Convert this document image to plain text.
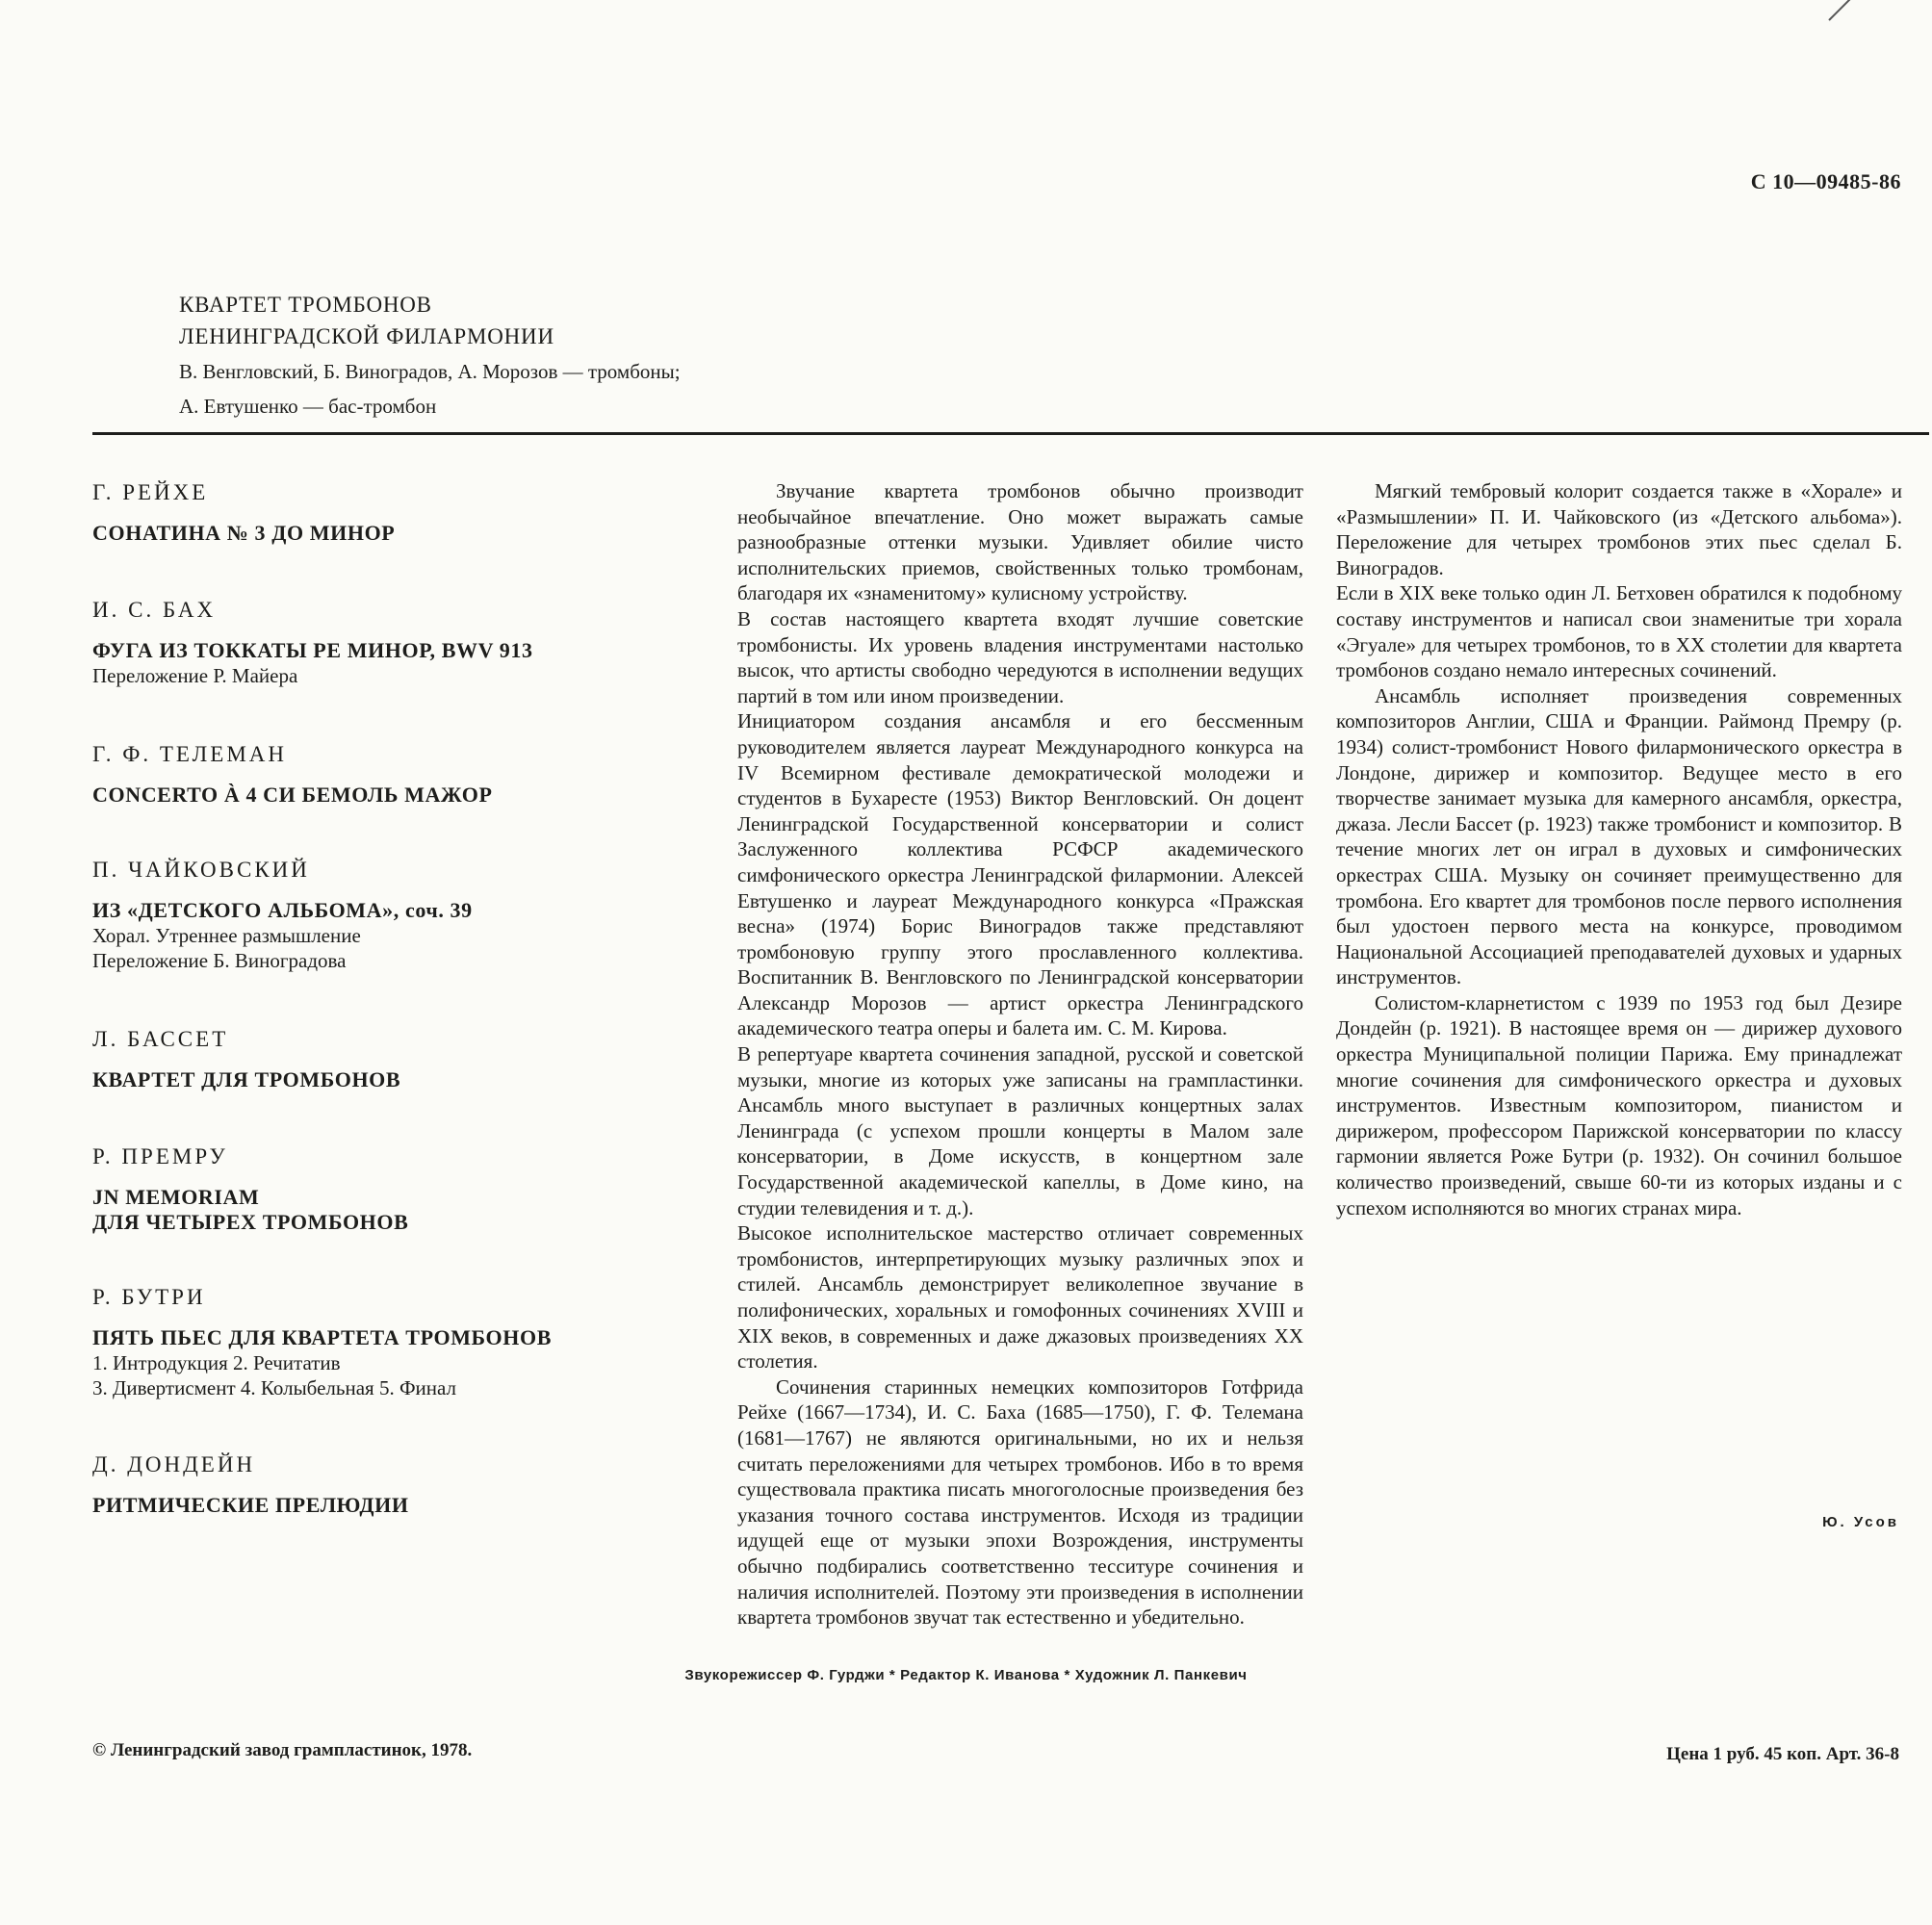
С 10—09485-86
КВАРТЕТ ТРОМБОНОВ
ЛЕНИНГРАДСКОЙ ФИЛАРМОНИИ
В. Венгловский, Б. Виноградов, А. Морозов — тромбоны;
А. Евтушенко — бас-тромбон
Г. РЕЙХЕ
СОНАТИНА № 3 ДО МИНОР
И. С. БАХ
ФУГА ИЗ ТОККАТЫ РЕ МИНОР, BWV 913
Переложение Р. Майера
Г. Ф. ТЕЛЕМАН
CONCERTO À 4 СИ БЕМОЛЬ МАЖОР
П. ЧАЙКОВСКИЙ
ИЗ «ДЕТСКОГО АЛЬБОМА», соч. 39
Хорал. Утреннее размышление
Переложение Б. Виноградова
Л. БАССЕТ
КВАРТЕТ ДЛЯ ТРОМБОНОВ
Р. ПРЕМРУ
JN MEMORIAM
ДЛЯ ЧЕТЫРЕХ ТРОМБОНОВ
Р. БУТРИ
ПЯТЬ ПЬЕС ДЛЯ КВАРТЕТА ТРОМБОНОВ
1. Интродукция 2. Речитатив
3. Дивертисмент 4. Колыбельная 5. Финал
Д. ДОНДЕЙН
РИТМИЧЕСКИЕ ПРЕЛЮДИИ

Звучание квартета тромбонов обычно производит необычайное впечатление. Оно может выражать самые разнообразные оттенки музыки. Удивляет обилие чисто исполнительских приемов, свойственных только тромбонам, благодаря их «знаменитому» кулисному устройству.

В состав настоящего квартета входят лучшие советские тромбонисты. Их уровень владения инструментами настолько высок, что артисты свободно чередуются в исполнении ведущих партий в том или ином произведении.

Инициатором создания ансамбля и его бессменным руководителем является лауреат Международного конкурса на IV Всемирном фестивале демократической молодежи и студентов в Бухаресте (1953) Виктор Венгловский. Он доцент Ленинградской Государственной консерватории и солист Заслуженного коллектива РСФСР академического симфонического оркестра Ленинградской филармонии. Алексей Евтушенко и лауреат Международного конкурса «Пражская весна» (1974) Борис Виноградов также представляют тромбоновую группу этого прославленного коллектива. Воспитанник В. Венгловского по Ленинградской консерватории Александр Морозов — артист оркестра Ленинградского академического театра оперы и балета им. С. М. Кирова.

В репертуаре квартета сочинения западной, русской и советской музыки, многие из которых уже записаны на грампластинки. Ансамбль много выступает в различных концертных залах Ленинграда (с успехом прошли концерты в Малом зале консерватории, в Доме искусств, в концертном зале Государственной академической капеллы, в Доме кино, на студии телевидения и т. д.).

Высокое исполнительское мастерство отличает современных тромбонистов, интерпретирующих музыку различных эпох и стилей. Ансамбль демонстрирует великолепное звучание в полифонических, хоральных и гомофонных сочинениях XVIII и XIX веков, в современных и даже джазовых произведениях XX столетия.

Сочинения старинных немецких композиторов Готфрида Рейхе (1667—1734), И. С. Баха (1685—1750), Г. Ф. Телемана (1681—1767) не являются оригинальными, но их и нельзя считать переложениями для четырех тромбонов. Ибо в то время существовала практика писать многоголосные произведения без указания точного состава инструментов. Исходя из традиции идущей еще от музыки эпохи Возрождения, инструменты обычно подбирались соответственно тесситуре сочинения и наличия исполнителей. Поэтому эти произведения в исполнении квартета тромбонов звучат так естественно и убедительно.

Мягкий тембровый колорит создается также в «Хорале» и «Размышлении» П. И. Чайковского (из «Детского альбома»). Переложение для четырех тромбонов этих пьес сделал Б. Виноградов.

Если в XIX веке только один Л. Бетховен обратился к подобному составу инструментов и написал свои знаменитые три хорала «Эгуале» для четырех тромбонов, то в XX столетии для квартета тромбонов создано немало интересных сочинений.

Ансамбль исполняет произведения современных композиторов Англии, США и Франции. Раймонд Премру (р. 1934) солист-тромбонист Нового филармонического оркестра в Лондоне, дирижер и композитор. Ведущее место в его творчестве занимает музыка для камерного ансамбля, оркестра, джаза. Лесли Бассет (р. 1923) также тромбонист и композитор. В течение многих лет он играл в духовых и симфонических оркестрах США. Музыку он сочиняет преимущественно для тромбона. Его квартет для тромбонов после первого исполнения был удостоен первого места на конкурсе, проводимом Национальной Ассоциацией преподавателей духовых и ударных инструментов.

Солистом-кларнетистом с 1939 по 1953 год был Дезире Дондейн (р. 1921). В настоящее время он — дирижер духового оркестра Муниципальной полиции Парижа. Ему принадлежат многие сочинения для симфонического оркестра и духовых инструментов. Известным композитором, пианистом и дирижером, профессором Парижской консерватории по классу гармонии является Роже Бутри (р. 1932). Он сочинил большое количество произведений, свыше 60-ти из которых изданы и с успехом исполняются во многих странах мира.

Ю. Усов
Звукорежиссер Ф. Гурджи * Редактор К. Иванова * Художник Л. Панкевич
© Ленинградский завод грампластинок, 1978.	Цена 1 руб. 45 коп. Арт. 36-8
